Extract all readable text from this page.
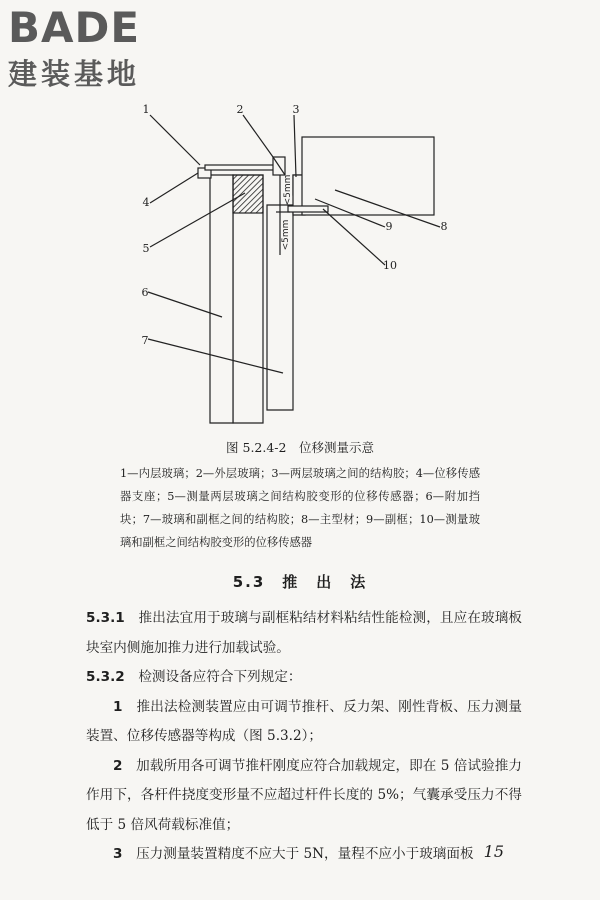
BADE
建装基地
1	2	3
4
5
6
7
8
9
10
<5mm
<5mm
图 5.2.4-2　位移测量示意
1—内层玻璃；2—外层玻璃；3—两层玻璃之间的结构胶；4—位移传感器支座；5—测量两层玻璃之间结构胶变形的位移传感器；6—附加挡块；7—玻璃和副框之间的结构胶；8—主型材；9—副框；10—测量玻璃和副框之间结构胶变形的位移传感器
5.3　推　出　法

5.3.1　 推出法宜用于玻璃与副框粘结材料粘结性能检测，且应在玻璃板块室内侧施加推力进行加载试验。

5.3.2　 检测设备应符合下列规定：

1　 推出法检测装置应由可调节推杆、反力架、刚性背板、压力测量装置、位移传感器等构成（图 5.3.2）；

2　 加载所用各可调节推杆刚度应符合加载规定，即在 5 倍试验推力作用下，各杆件挠度变形量不应超过杆件长度的 5%；气囊承受压力不得低于 5 倍风荷载标准值；

3　 压力测量装置精度不应大于 5N，量程不应小于玻璃面板 15
